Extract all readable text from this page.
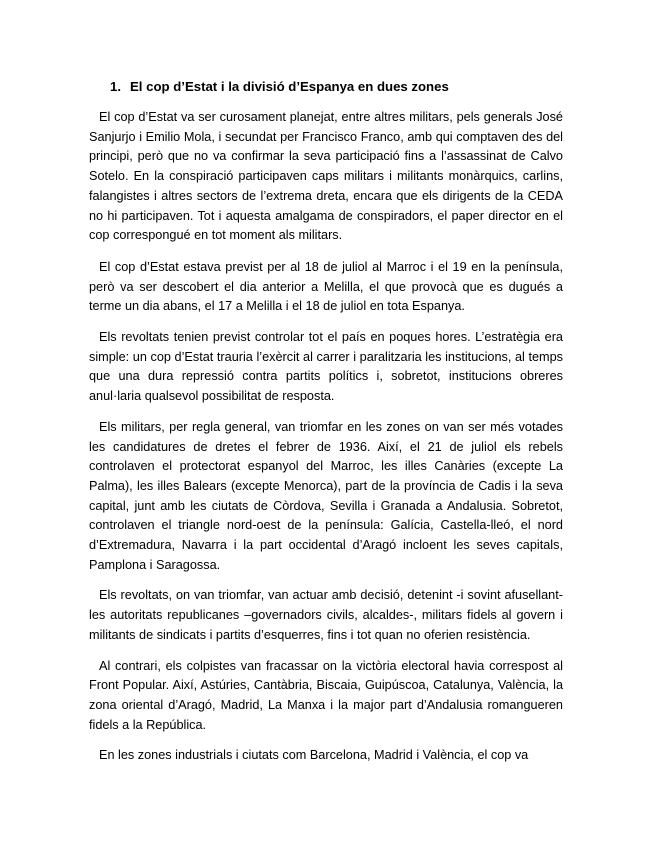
1. El cop d’Estat i la divisió d’Espanya en dues zones

El cop d’Estat va ser curosament planejat, entre altres militars, pels generals José Sanjurjo i Emilio Mola, i secundat per Francisco Franco, amb qui comptaven des del principi, però que no va confirmar la seva participació fins a l’assassinat de Calvo Sotelo. En la conspiració participaven caps militars i militants monàrquics, carlins, falangistes i altres sectors de l’extrema dreta, encara que els dirigents de la CEDA no hi participaven. Tot i aquesta amalgama de conspiradors, el paper director en el cop correspongué en tot moment als militars.

El cop d’Estat estava previst per al 18 de juliol al Marroc i el 19 en la península, però va ser descobert el dia anterior a Melilla, el que provocà que es dugués a terme un dia abans, el 17 a Melilla i el 18 de juliol en tota Espanya.

Els revoltats tenien previst controlar tot el país en poques hores. L’estratègia era simple: un cop d’Estat trauria l’exèrcit al carrer i paralitzaria les institucions, al temps que una dura repressió contra partits polítics i, sobretot, institucions obreres anul·laria qualsevol possibilitat de resposta.

Els militars, per regla general, van triomfar en les zones on van ser més votades les candidatures de dretes el febrer de 1936. Així, el 21 de juliol els rebels controlaven el protectorat espanyol del Marroc, les illes Canàries (excepte La Palma), les illes Balears (excepte Menorca), part de la província de Cadis i la seva capital, junt amb les ciutats de Còrdova, Sevilla i Granada a Andalusia. Sobretot, controlaven el triangle nord-oest de la península: Galícia, Castella-lleó, el nord d’Extremadura, Navarra i la part occidental d’Aragó incloent les seves capitals, Pamplona i Saragossa.

Els revoltats, on van triomfar, van actuar amb decisió, detenint -i sovint afusellant- les autoritats republicanes –governadors civils, alcaldes-, militars fidels al govern i militants de sindicats i partits d’esquerres, fins i tot quan no oferien resistència.

Al contrari, els colpistes van fracassar on la victòria electoral havia correspost al Front Popular. Així, Astúries, Cantàbria, Biscaia, Guipúscoa, Catalunya, València, la zona oriental d’Aragó, Madrid, La Manxa i la major part d’Andalusia romangueren fidels a la República.

En les zones industrials i ciutats com Barcelona, Madrid i València, el cop va
